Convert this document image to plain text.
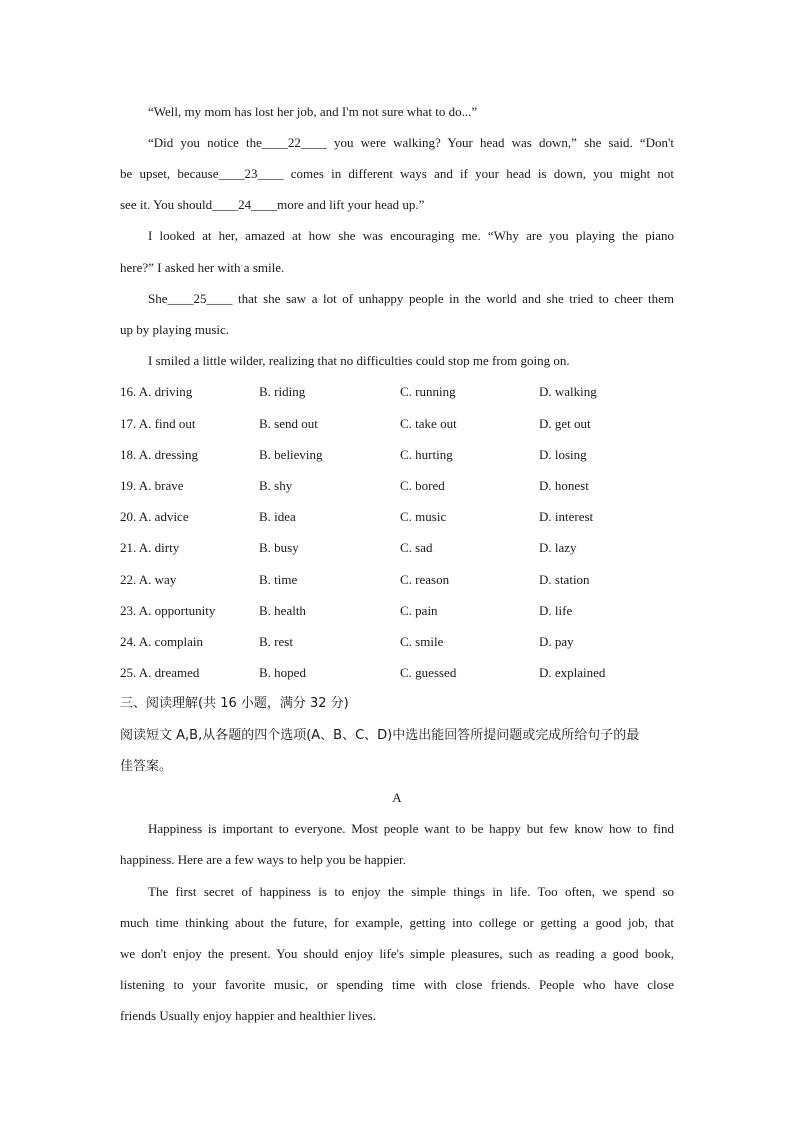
“Well, my mom has lost her job, and I'm not sure what to do...”
“Did you notice the____22____ you were walking? Your head was down,” she said. “Don't
be upset, because____23____ comes in different ways and if your head is down, you might not
see it. You should____24____more and lift your head up.”
I looked at her, amazed at how she was encouraging me. “Why are you playing the piano
here?” I asked her with a smile.
She____25____ that she saw a lot of unhappy people in the world and she tried to cheer them
up by playing music.
I smiled a little wilder, realizing that no difficulties could stop me from going on.
16. A. driving	B. riding	C. running	D. walking
17. A. find out	B. send out	C. take out	D. get out
18. A. dressing	B. believing	C. hurting	D. losing
19. A. brave	B. shy	C. bored	D. honest
20. A. advice	B. idea	C. music	D. interest
21. A. dirty	B. busy	C. sad	D. lazy
22. A. way	B. time	C. reason	D. station
23. A. opportunity	B. health	C. pain	D. life
24. A. complain	B. rest	C. smile	D. pay
25. A. dreamed	B. hoped	C. guessed	D. explained
三、阅读理解(共 16 小题，满分 32 分)
阅读短文 A,B,从各题的四个选项(A、B、C、D)中选出能回答所提问题或完成所给句子的最
佳答案。
A
Happiness is important to everyone. Most people want to be happy but few know how to find
happiness. Here are a few ways to help you be happier.
The first secret of happiness is to enjoy the simple things in life. Too often, we spend so
much time thinking about the future, for example, getting into college or getting a good job, that
we don't enjoy the present. You should enjoy life's simple pleasures, such as reading a good book,
listening to your favorite music, or spending time with close friends. People who have close
friends Usually enjoy happier and healthier lives.
